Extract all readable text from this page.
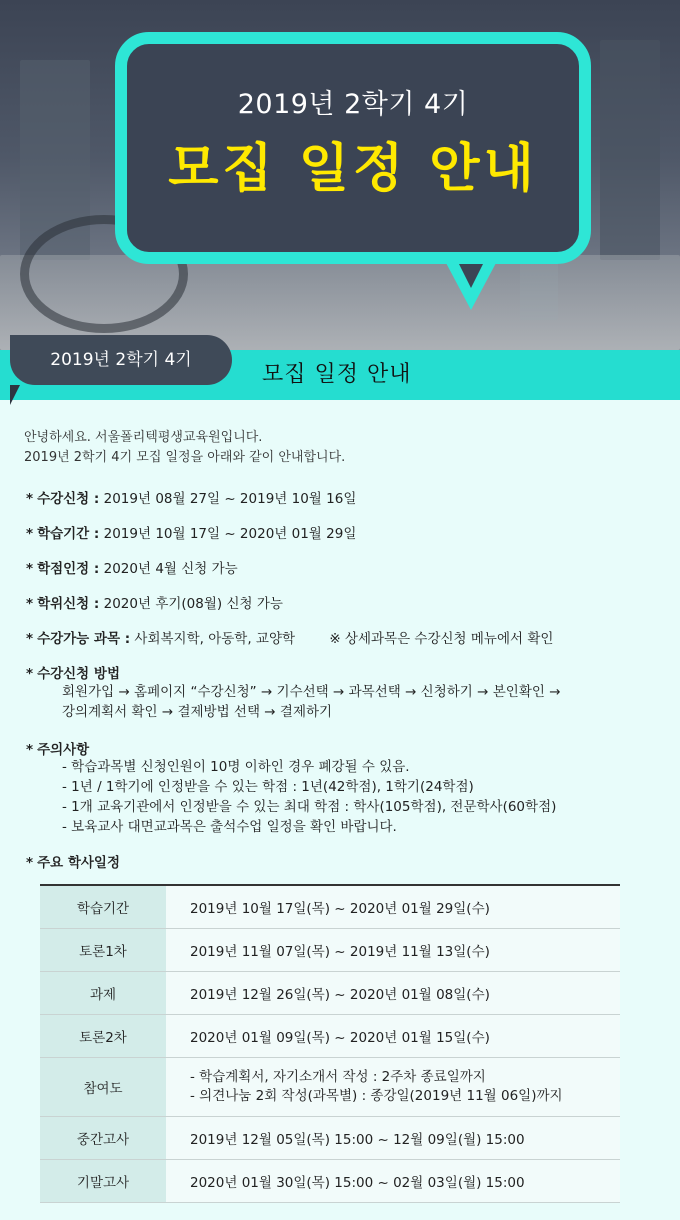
2019년 2학기 4기
모집 일정 안내
2019년 2학기 4기
모집 일정 안내
안녕하세요. 서울폴리텍평생교육원입니다.
2019년 2학기 4기 모집 일정을 아래와 같이 안내합니다.
* 수강신청 : 2019년 08월 27일 ~ 2019년 10월 16일
* 학습기간 : 2019년 10월 17일 ~ 2020년 01월 29일
* 학점인정 : 2020년 4월 신청 가능
* 학위신청 : 2020년 후기(08월) 신청 가능
* 수강가능 과목 : 사회복지학, 아동학, 교양학	※ 상세과목은 수강신청 메뉴에서 확인
* 수강신청 방법
회원가입 → 홈페이지 “수강신청” → 기수선택 → 과목선택 → 신청하기 → 본인확인 →
강의계획서 확인 → 결제방법 선택 → 결제하기
* 주의사항
- 학습과목별 신청인원이 10명 이하인 경우 폐강될 수 있음.
- 1년 / 1학기에 인정받을 수 있는 학점 : 1년(42학점), 1학기(24학점)
- 1개 교육기관에서 인정받을 수 있는 최대 학점 : 학사(105학점), 전문학사(60학점)
- 보육교사 대면교과목은 출석수업 일정을 확인 바랍니다.
* 주요 학사일정
학습기간	2019년 10월 17일(목) ~ 2020년 01월 29일(수)
토론1차	2019년 11월 07일(목) ~ 2019년 11월 13일(수)
과제	2019년 12월 26일(목) ~ 2020년 01월 08일(수)
토론2차	2020년 01월 09일(목) ~ 2020년 01월 15일(수)
참여도	- 학습계획서, 자기소개서 작성 : 2주차 종료일까지
- 의견나눔 2회 작성(과목별) : 종강일(2019년 11월 06일)까지

중간고사	2019년 12월 05일(목) 15:00 ~ 12월 09일(월) 15:00
기말고사	2020년 01월 30일(목) 15:00 ~ 02월 03일(월) 15:00
